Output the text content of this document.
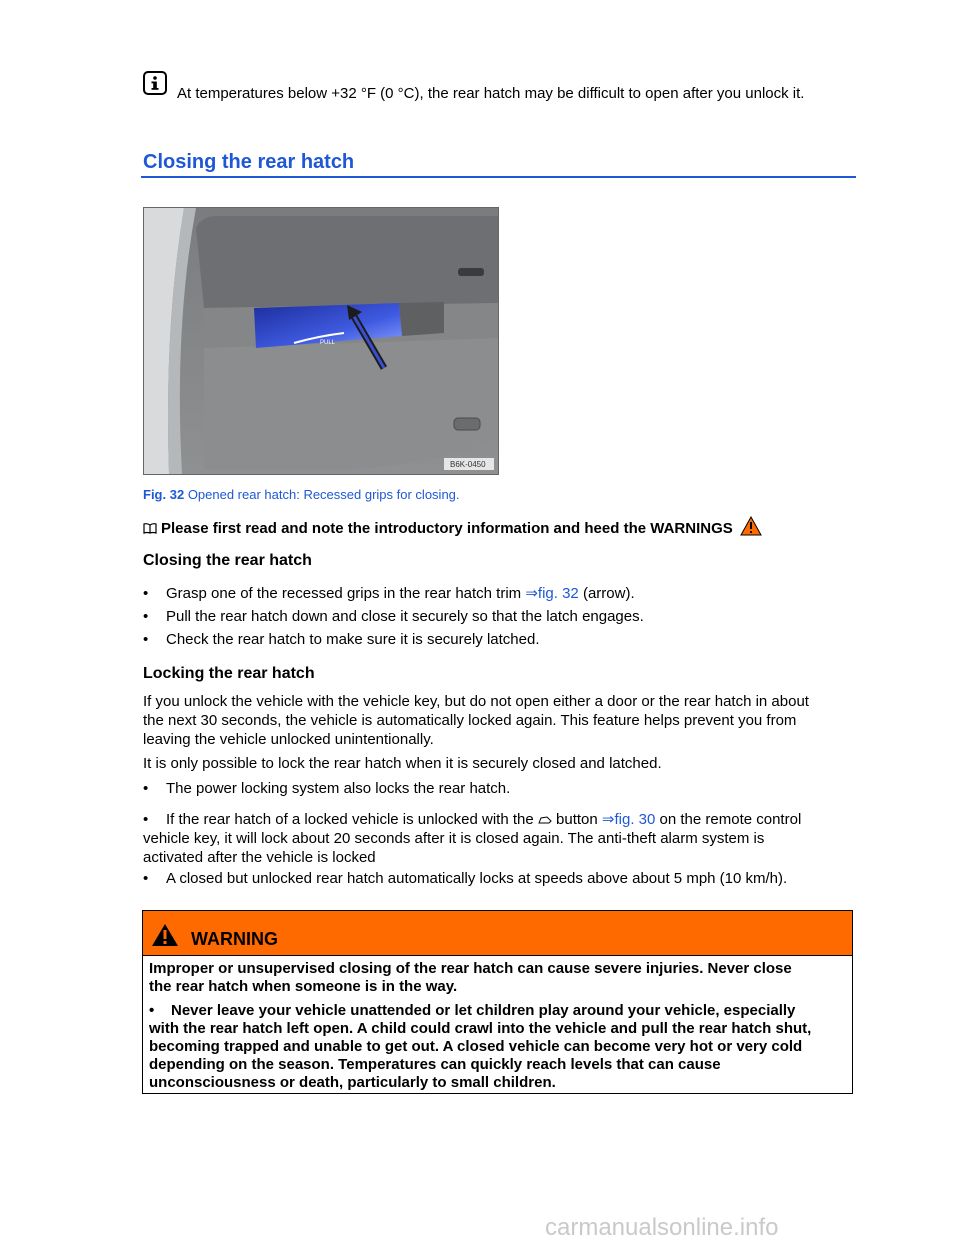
At temperatures below +32 °F (0 °C), the rear hatch may be difficult to open after you unlock it.
Closing the rear hatch
PULL
B6K-0450
Fig. 32 Opened rear hatch: Recessed grips for closing.
Please first read and note the introductory information and heed the WARNINGS
Closing the rear hatch
• Grasp one of the recessed grips in the rear hatch trim ⇒fig. 32 (arrow).
• Pull the rear hatch down and close it securely so that the latch engages.
• Check the rear hatch to make sure it is securely latched.
Locking the rear hatch
If you unlock the vehicle with the vehicle key, but do not open either a door or the rear hatch in about
the next 30 seconds, the vehicle is automatically locked again. This feature helps prevent you from
leaving the vehicle unlocked unintentionally.
It is only possible to lock the rear hatch when it is securely closed and latched.
• The power locking system also locks the rear hatch.
• If the rear hatch of a locked vehicle is unlocked with the  button ⇒fig. 30 on the remote control
vehicle key, it will lock about 20 seconds after it is closed again. The anti-theft alarm system is
activated after the vehicle is locked
• A closed but unlocked rear hatch automatically locks at speeds above about 5 mph (10 km/h).
WARNING
Improper or unsupervised closing of the rear hatch can cause severe injuries. Never close
the rear hatch when someone is in the way.
• Never leave your vehicle unattended or let children play around your vehicle, especially
with the rear hatch left open. A child could crawl into the vehicle and pull the rear hatch shut,
becoming trapped and unable to get out. A closed vehicle can become very hot or very cold
depending on the season. Temperatures can quickly reach levels that can cause
unconsciousness or death, particularly to small children.
carmanualsonline.info
